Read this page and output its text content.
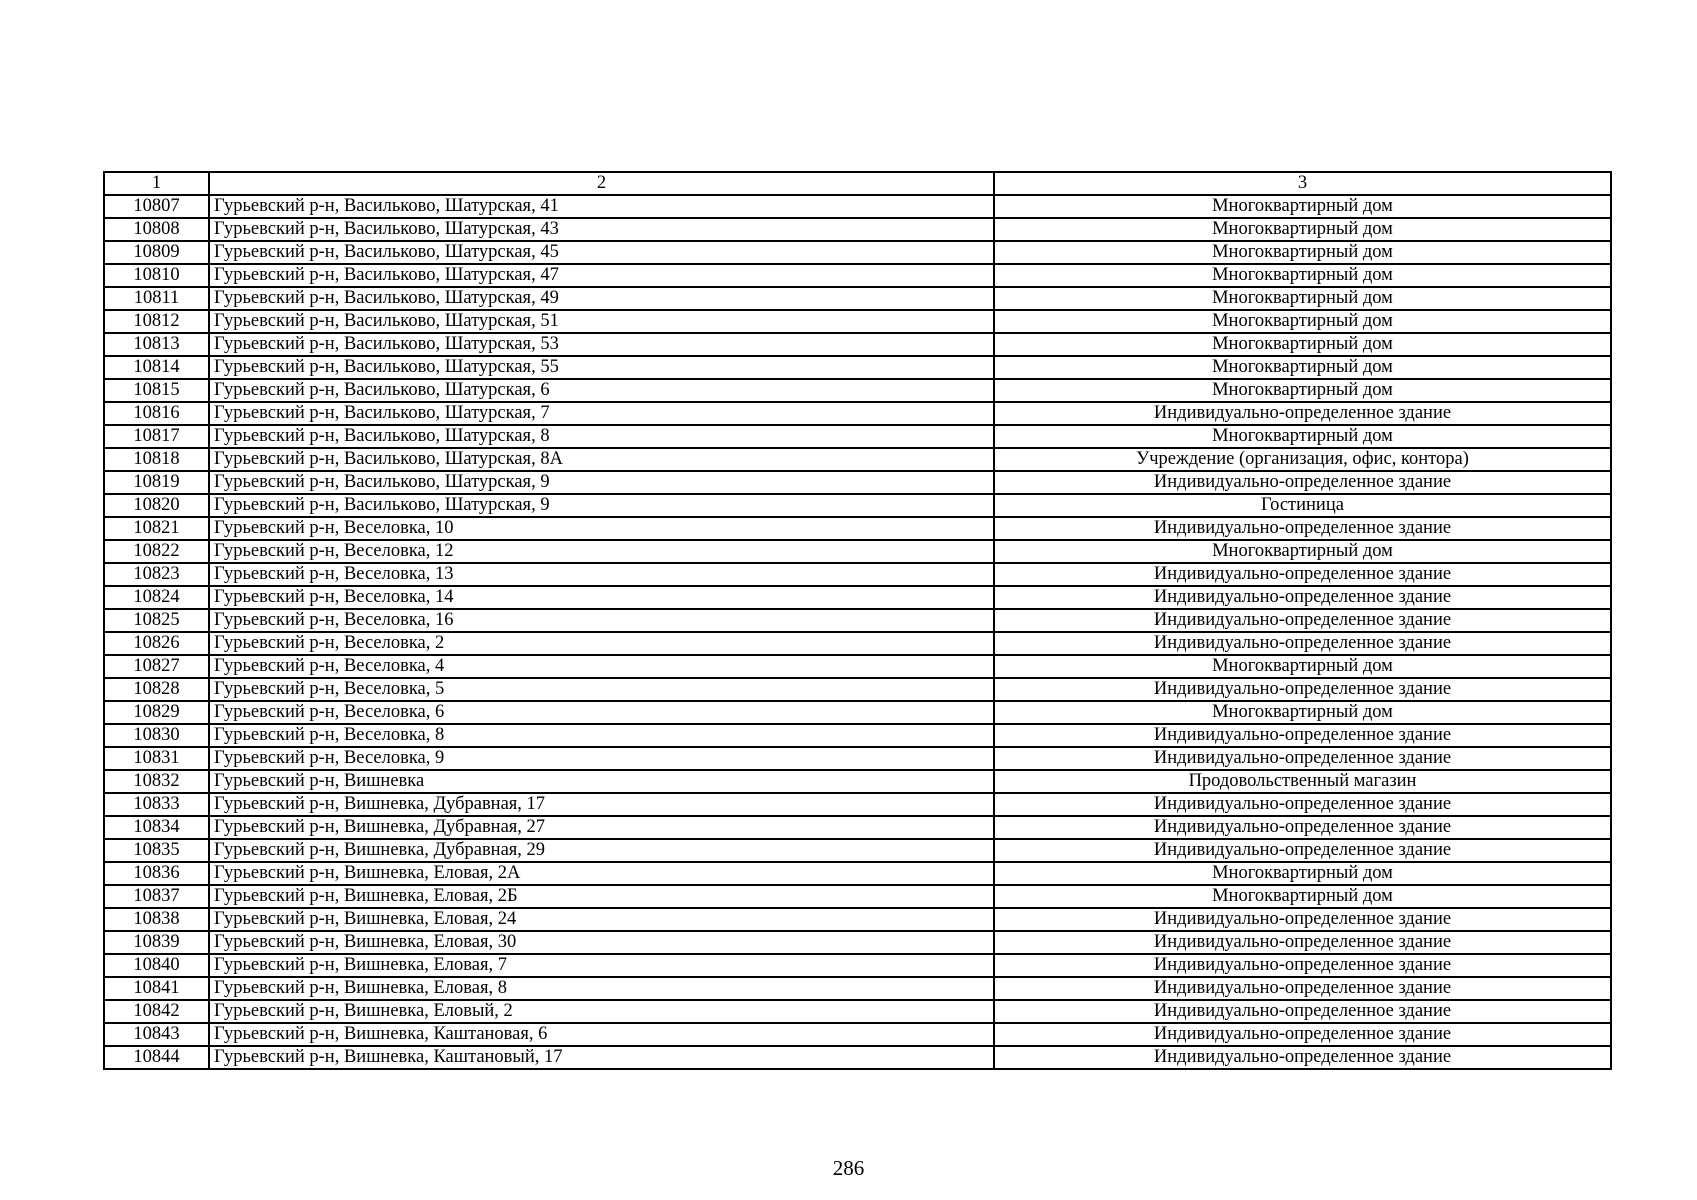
1	2	3
10807	Гурьевский р-н, Васильково, Шатурская, 41	Многоквартирный дом
10808	Гурьевский р-н, Васильково, Шатурская, 43	Многоквартирный дом
10809	Гурьевский р-н, Васильково, Шатурская, 45	Многоквартирный дом
10810	Гурьевский р-н, Васильково, Шатурская, 47	Многоквартирный дом
10811	Гурьевский р-н, Васильково, Шатурская, 49	Многоквартирный дом
10812	Гурьевский р-н, Васильково, Шатурская, 51	Многоквартирный дом
10813	Гурьевский р-н, Васильково, Шатурская, 53	Многоквартирный дом
10814	Гурьевский р-н, Васильково, Шатурская, 55	Многоквартирный дом
10815	Гурьевский р-н, Васильково, Шатурская, 6	Многоквартирный дом
10816	Гурьевский р-н, Васильково, Шатурская, 7	Индивидуально-определенное здание
10817	Гурьевский р-н, Васильково, Шатурская, 8	Многоквартирный дом
10818	Гурьевский р-н, Васильково, Шатурская, 8А	Учреждение (организация, офис, контора)
10819	Гурьевский р-н, Васильково, Шатурская, 9	Индивидуально-определенное здание
10820	Гурьевский р-н, Васильково, Шатурская, 9	Гостиница
10821	Гурьевский р-н, Веселовка, 10	Индивидуально-определенное здание
10822	Гурьевский р-н, Веселовка, 12	Многоквартирный дом
10823	Гурьевский р-н, Веселовка, 13	Индивидуально-определенное здание
10824	Гурьевский р-н, Веселовка, 14	Индивидуально-определенное здание
10825	Гурьевский р-н, Веселовка, 16	Индивидуально-определенное здание
10826	Гурьевский р-н, Веселовка, 2	Индивидуально-определенное здание
10827	Гурьевский р-н, Веселовка, 4	Многоквартирный дом
10828	Гурьевский р-н, Веселовка, 5	Индивидуально-определенное здание
10829	Гурьевский р-н, Веселовка, 6	Многоквартирный дом
10830	Гурьевский р-н, Веселовка, 8	Индивидуально-определенное здание
10831	Гурьевский р-н, Веселовка, 9	Индивидуально-определенное здание
10832	Гурьевский р-н, Вишневка	Продовольственный магазин
10833	Гурьевский р-н, Вишневка, Дубравная, 17	Индивидуально-определенное здание
10834	Гурьевский р-н, Вишневка, Дубравная, 27	Индивидуально-определенное здание
10835	Гурьевский р-н, Вишневка, Дубравная, 29	Индивидуально-определенное здание
10836	Гурьевский р-н, Вишневка, Еловая, 2А	Многоквартирный дом
10837	Гурьевский р-н, Вишневка, Еловая, 2Б	Многоквартирный дом
10838	Гурьевский р-н, Вишневка, Еловая, 24	Индивидуально-определенное здание
10839	Гурьевский р-н, Вишневка, Еловая, 30	Индивидуально-определенное здание
10840	Гурьевский р-н, Вишневка, Еловая, 7	Индивидуально-определенное здание
10841	Гурьевский р-н, Вишневка, Еловая, 8	Индивидуально-определенное здание
10842	Гурьевский р-н, Вишневка, Еловый, 2	Индивидуально-определенное здание
10843	Гурьевский р-н, Вишневка, Каштановая, 6	Индивидуально-определенное здание
10844	Гурьевский р-н, Вишневка, Каштановый, 17	Индивидуально-определенное здание
286
